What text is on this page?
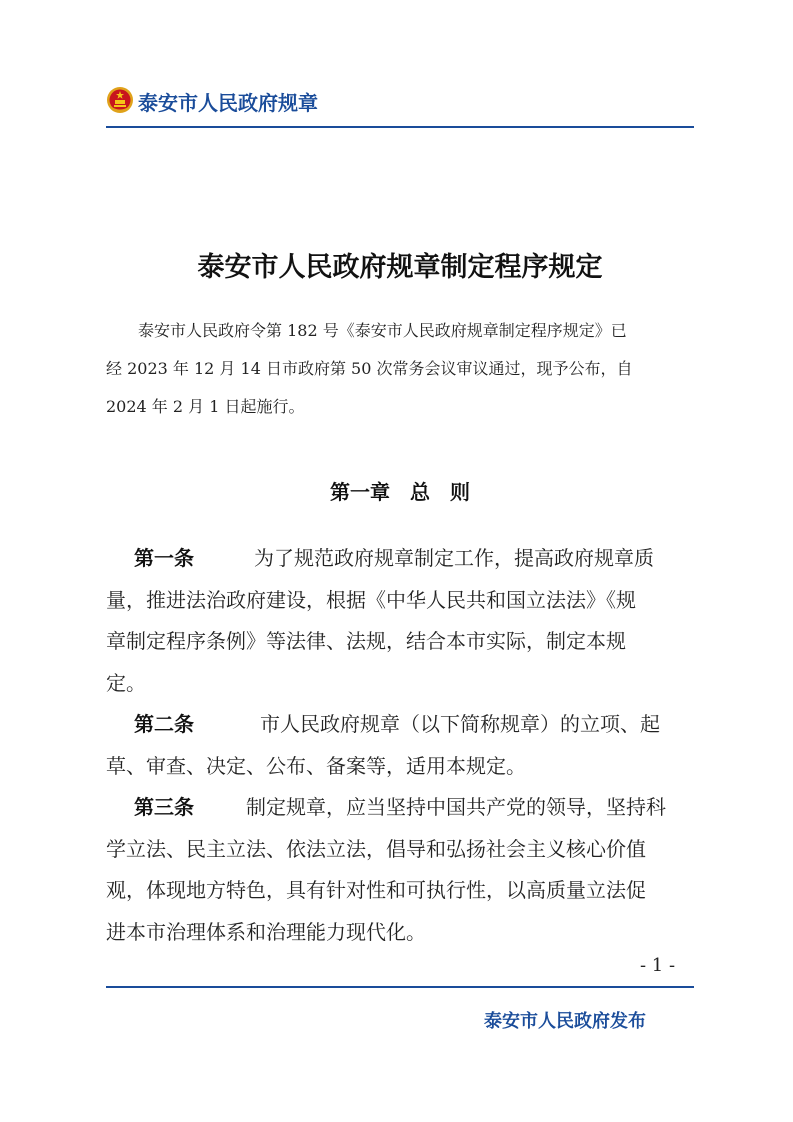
泰安市人民政府规章
泰安市人民政府规章制定程序规定

泰安市人民政府令第 182 号《泰安市人民政府规章制定程序规定》已

经 2023 年 12 月 14 日市政府第 50 次常务会议审议通过，现予公布，自

2024 年 2 月 1 日起施行。

第一章　总　则
第一条	为了规范政府规章制定工作，提高政府规章质
量，推进法治政府建设，根据《中华人民共和国立法法》《规
章制定程序条例》等法律、法规，结合本市实际，制定本规
定。
第二条	市人民政府规章（以下简称规章）的立项、起
草、审查、决定、公布、备案等，适用本规定。
第三条	制定规章，应当坚持中国共产党的领导，坚持科
学立法、民主立法、依法立法，倡导和弘扬社会主义核心价值
观，体现地方特色，具有针对性和可执行性，以高质量立法促
进本市治理体系和治理能力现代化。
- 1 -
泰安市人民政府发布
